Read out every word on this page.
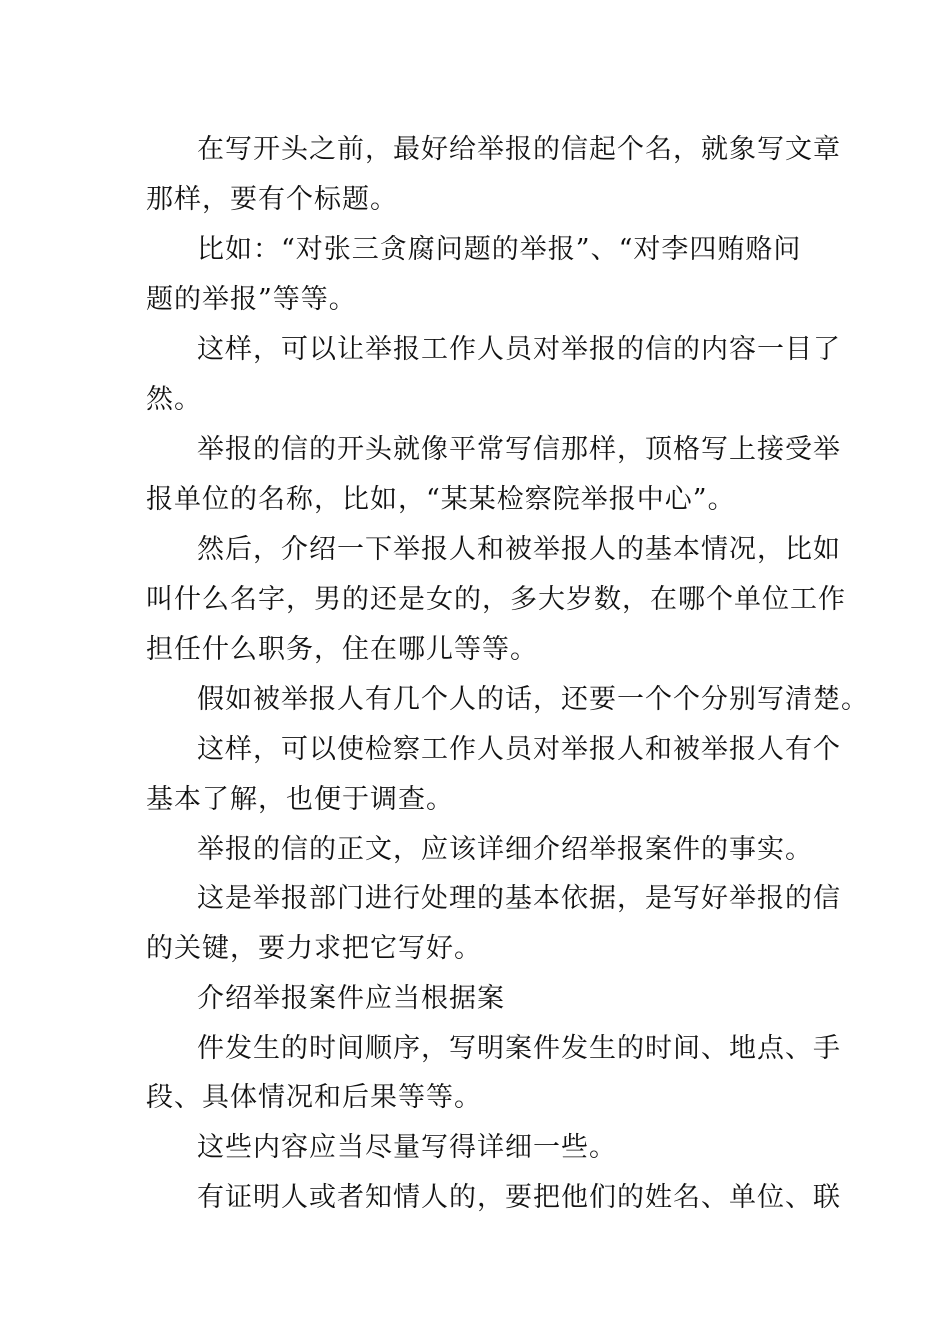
在写开头之前，最好给举报的信起个名，就象写文章
那样，要有个标题。
比如：“对张三贪腐问题的举报”、“对李四贿赂问
题的举报”等等。
这样，可以让举报工作人员对举报的信的内容一目了
然。
举报的信的开头就像平常写信那样，顶格写上接受举
报单位的名称，比如，“某某检察院举报中心”。
然后，介绍一下举报人和被举报人的基本情况，比如
叫什么名字，男的还是女的，多大岁数，在哪个单位工作
担任什么职务，住在哪儿等等。
假如被举报人有几个人的话，还要一个个分别写清楚。
这样，可以使检察工作人员对举报人和被举报人有个
基本了解，也便于调查。
举报的信的正文，应该详细介绍举报案件的事实。
这是举报部门进行处理的基本依据，是写好举报的信
的关键，要力求把它写好。
介绍举报案件应当根据案
件发生的时间顺序，写明案件发生的时间、地点、手
段、具体情况和后果等等。
这些内容应当尽量写得详细一些。
有证明人或者知情人的，要把他们的姓名、单位、联
